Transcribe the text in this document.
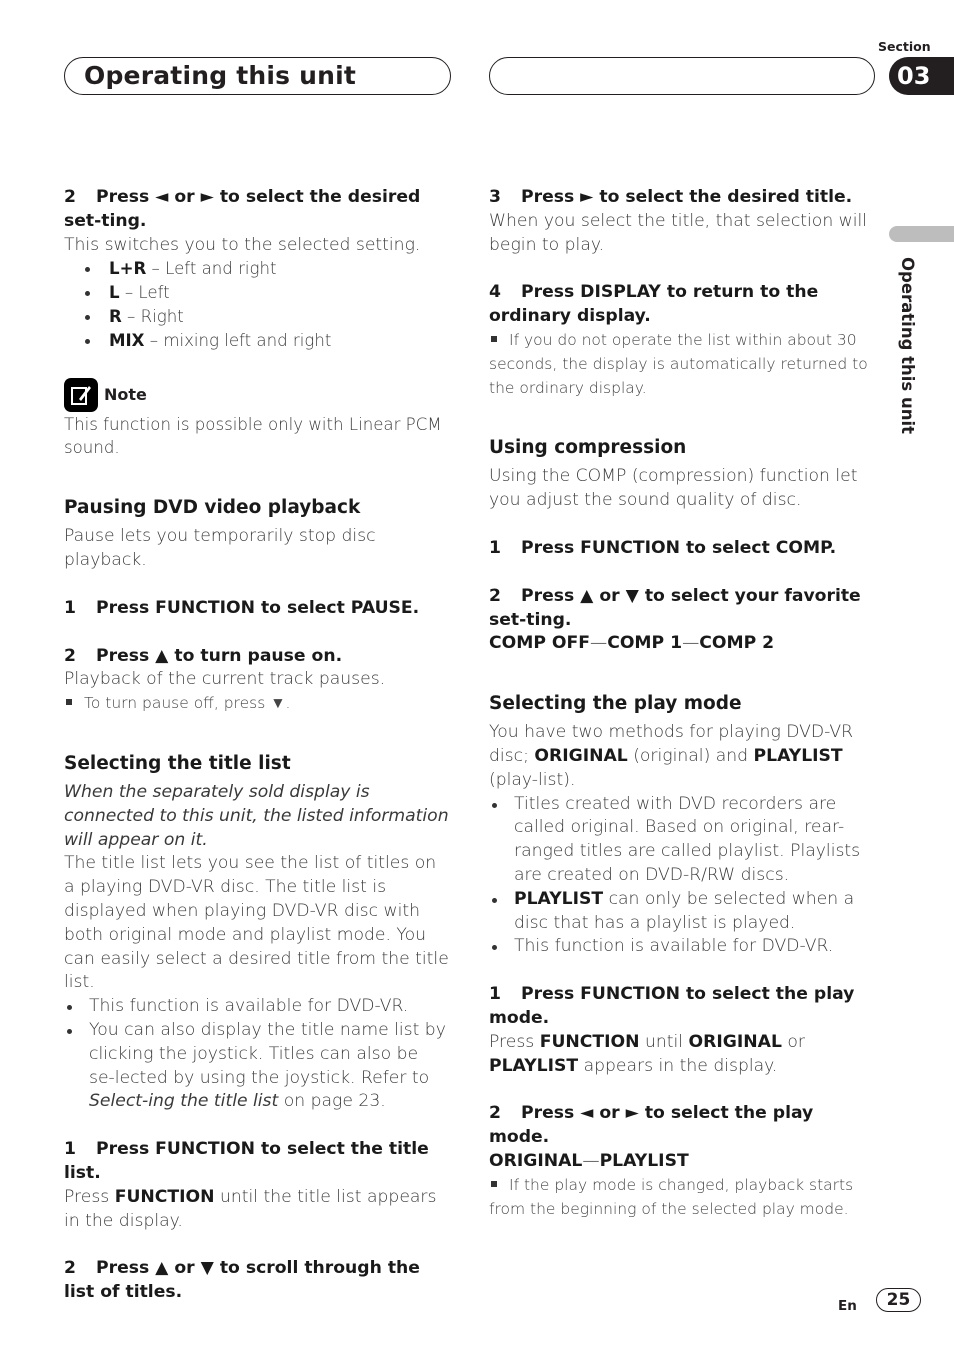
Operating this unit
Section
03
Operating this unit

2 Press ◄ or ► to select the desired set-ting.

This switches you to the selected setting.

L+R – Left and right
L – Left
R – Right
MIX – mixing left and right
Note

This function is possible only with Linear PCM sound.

Pausing DVD video playback

Pause lets you temporarily stop disc playback.

1 Press FUNCTION to select PAUSE.

2 Press ▲ to turn pause on.

Playback of the current track pauses.

To turn pause off, press ▼.

Selecting the title list

When the separately sold display is connected to this unit, the listed information will appear on it.

The title list lets you see the list of titles on a playing DVD-VR disc. The title list is displayed when playing DVD-VR disc with both original mode and playlist mode. You can easily select a desired title from the title list.

This function is available for DVD-VR.
You can also display the title name list by clicking the joystick. Titles can also be se-lected by using the joystick. Refer to Select-ing the title list on page 23.

1 Press FUNCTION to select the title list.

Press FUNCTION until the title list appears in the display.

2 Press ▲ or ▼ to scroll through the list of titles.

3 Press ► to select the desired title.

When you select the title, that selection will begin to play.

4 Press DISPLAY to return to the ordinary display.

If you do not operate the list within about 30 seconds, the display is automatically returned to the ordinary display.

Using compression

Using the COMP (compression) function let you adjust the sound quality of disc.

1 Press FUNCTION to select COMP.

2 Press ▲ or ▼ to select your favorite set-ting.

COMP OFF—COMP 1—COMP 2

Selecting the play mode

You have two methods for playing DVD-VR disc; ORIGINAL (original) and PLAYLIST (play-list).

Titles created with DVD recorders are called original. Based on original, rear-ranged titles are called playlist. Playlists are created on DVD-R/RW discs.
PLAYLIST can only be selected when a disc that has a playlist is played.
This function is available for DVD-VR.

1 Press FUNCTION to select the play mode.

Press FUNCTION until ORIGINAL or PLAYLIST appears in the display.

2 Press ◄ or ► to select the play mode.

ORIGINAL—PLAYLIST

If the play mode is changed, playback starts from the beginning of the selected play mode.

En	25
